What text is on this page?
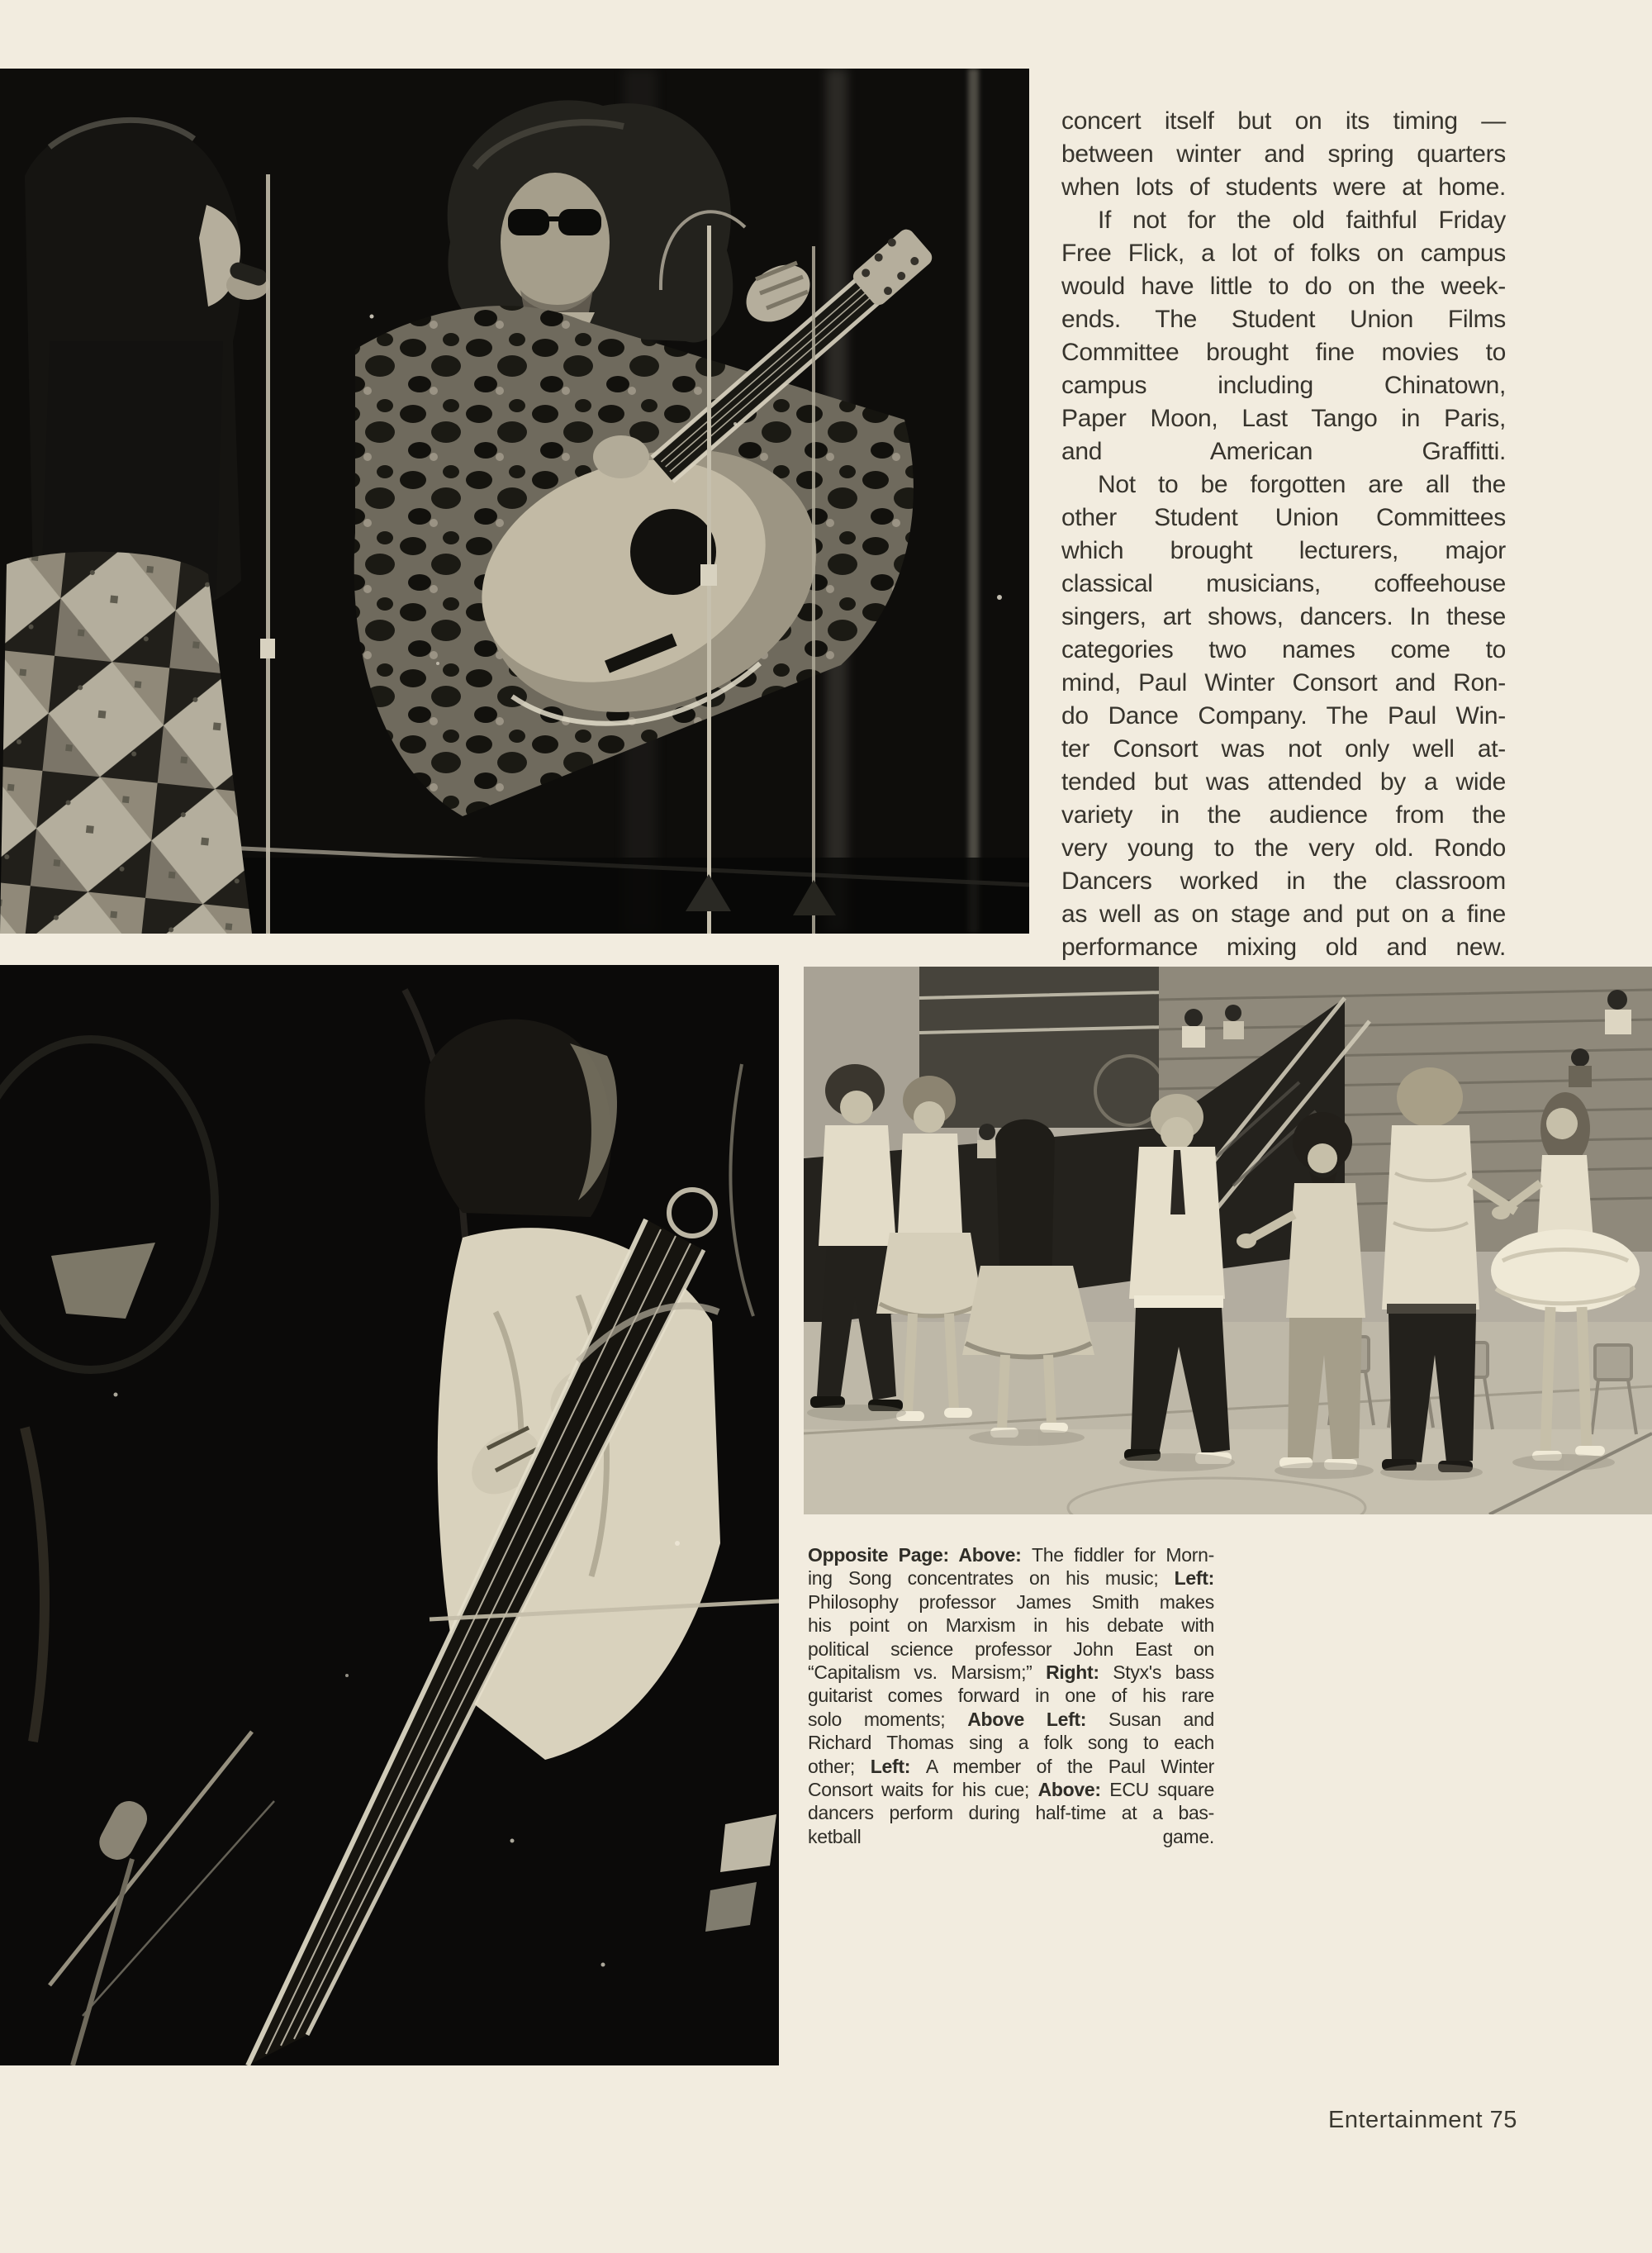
concert itself but on its timing —
between winter and spring quarters
when lots of students were at home.
If not for the old faithful Friday
Free Flick, a lot of folks on campus
would have little to do on the week-
ends. The Student Union Films
Committee brought fine movies to
campus including Chinatown,
Paper Moon, Last Tango in Paris,
and American Graffitti.
Not to be forgotten are all the
other Student Union Committees
which brought lecturers, major
classical musicians, coffeehouse
singers, art shows, dancers. In these
categories two names come to
mind, Paul Winter Consort and Ron-
do Dance Company. The Paul Win-
ter Consort was not only well at-
tended but was attended by a wide
variety in the audience from the
very young to the very old. Rondo
Dancers worked in the classroom
as well as on stage and put on a fine
performance mixing old and new.
Opposite Page: Above: The fiddler for Morn-
ing Song concentrates on his music; Left:
Philosophy professor James Smith makes
his point on Marxism in his debate with
political science professor John East on
“Capitalism vs. Marsism;” Right: Styx's bass
guitarist comes forward in one of his rare
solo moments; Above Left: Susan and
Richard Thomas sing a folk song to each
other; Left: A member of the Paul Winter
Consort waits for his cue; Above: ECU square
dancers perform during half-time at a bas-
ketball game.
Entertainment 75
